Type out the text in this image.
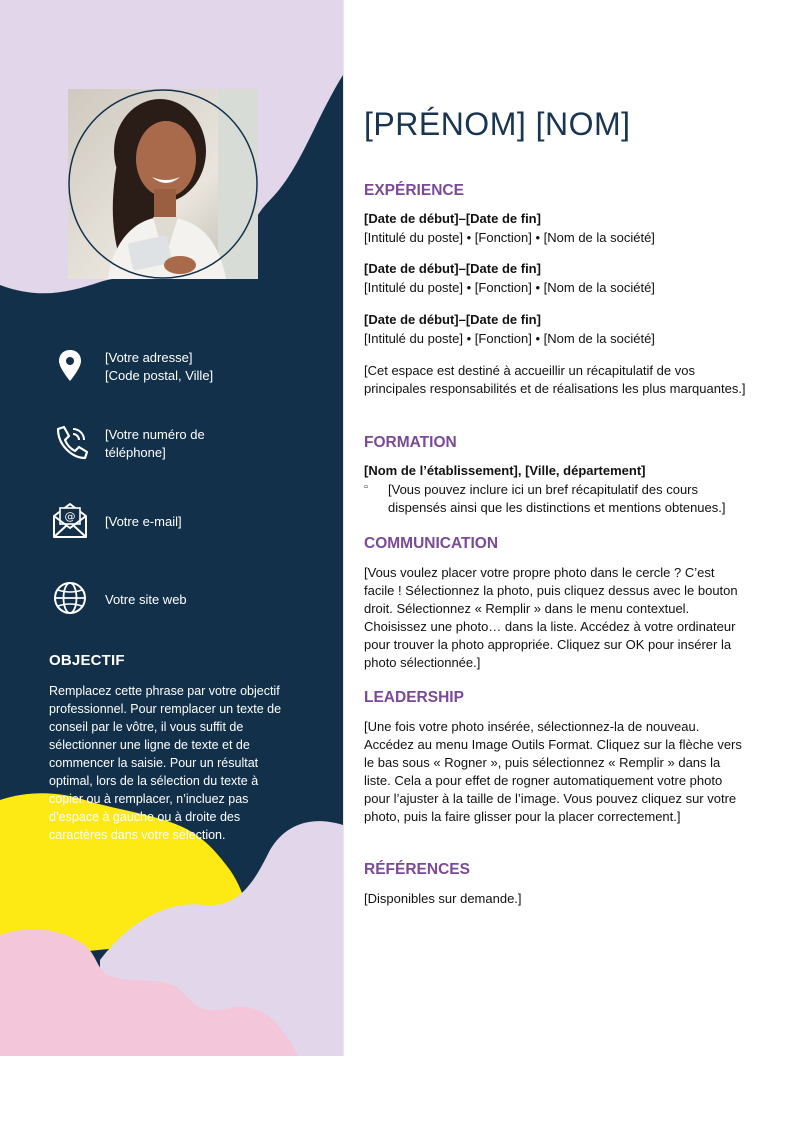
[Votre adresse]
[Code postal, Ville]
[Votre numéro de
téléphone]
@ [Votre e-mail]
Votre site web
OBJECTIF
Remplacez cette phrase par votre objectif professionnel. Pour remplacer un texte de conseil par le vôtre, il vous suffit de sélectionner une ligne de texte et de commencer la saisie. Pour un résultat optimal, lors de la sélection du texte à copier ou à remplacer, n’incluez pas d’espace à gauche ou à droite des caractères dans votre sélection.
[PRÉNOM] [NOM]
EXPÉRIENCE
[Date de début]–[Date de fin]
[Intitulé du poste] • [Fonction] • [Nom de la société]
[Date de début]–[Date de fin]
[Intitulé du poste] • [Fonction] • [Nom de la société]
[Date de début]–[Date de fin]
[Intitulé du poste] • [Fonction] • [Nom de la société]
[Cet espace est destiné à accueillir un récapitulatif de vos principales responsabilités et de réalisations les plus marquantes.]
FORMATION
[Nom de l’établissement], [Ville, département]
▫ [Vous pouvez inclure ici un bref récapitulatif des cours dispensés ainsi que les distinctions et mentions obtenues.]
COMMUNICATION
[Vous voulez placer votre propre photo dans le cercle ? C’est facile ! Sélectionnez la photo, puis cliquez dessus avec le bouton droit. Sélectionnez « Remplir » dans le menu contextuel. Choisissez une photo… dans la liste. Accédez à votre ordinateur pour trouver la photo appropriée. Cliquez sur OK pour insérer la photo sélectionnée.]
LEADERSHIP
[Une fois votre photo insérée, sélectionnez-la de nouveau. Accédez au menu Image Outils Format. Cliquez sur la flèche vers le bas sous « Rogner », puis sélectionnez « Remplir » dans la liste. Cela a pour effet de rogner automatiquement votre photo pour l’ajuster à la taille de l’image. Vous pouvez cliquez sur votre photo, puis la faire glisser pour la placer correctement.]
RÉFÉRENCES
[Disponibles sur demande.]
